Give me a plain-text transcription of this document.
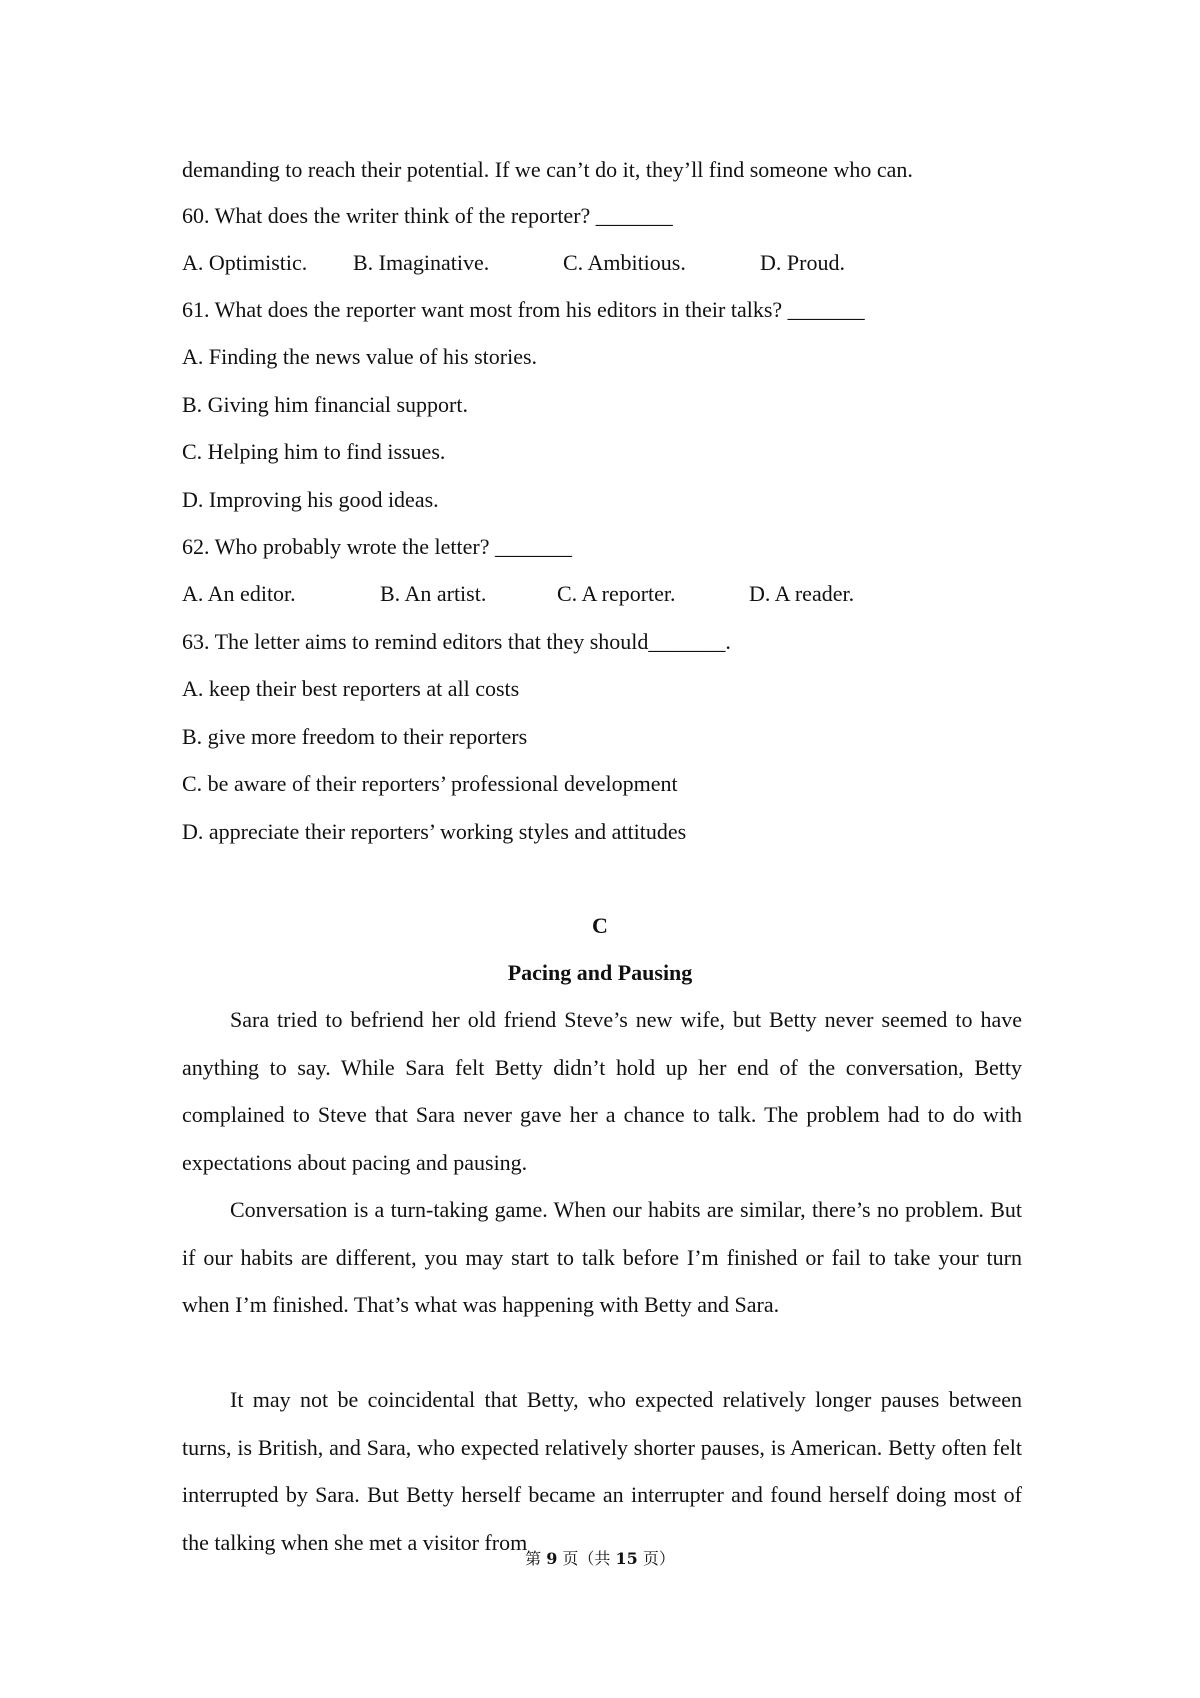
demanding to reach their potential. If we can’t do it, they’ll find someone who can.
60. What does the writer think of the reporter? _______
A. Optimistic.	B. Imaginative.	C. Ambitious.	D. Proud.
61. What does the reporter want most from his editors in their talks? _______
A. Finding the news value of his stories.
B. Giving him financial support.
C. Helping him to find issues.
D. Improving his good ideas.
62. Who probably wrote the letter? _______
A. An editor.	B. An artist.	C. A reporter.	D. A reader.
63. The letter aims to remind editors that they should_______.
A. keep their best reporters at all costs
B. give more freedom to their reporters
C. be aware of their reporters’ professional development
D. appreciate their reporters’ working styles and attitudes
C
Pacing and Pausing
Sara tried to befriend her old friend Steve’s new wife, but Betty never seemed to have anything to say. While Sara felt Betty didn’t hold up her end of the conversation, Betty complained to Steve that Sara never gave her a chance to talk. The problem had to do with expectations about pacing and pausing.
Conversation is a turn-taking game. When our habits are similar, there’s no problem. But if our habits are different, you may start to talk before I’m finished or fail to take your turn when I’m finished. That’s what was happening with Betty and Sara.
It may not be coincidental that Betty, who expected relatively longer pauses between turns, is British, and Sara, who expected relatively shorter pauses, is American. Betty often felt interrupted by Sara. But Betty herself became an interrupter and found herself doing most of the talking when she met a visitor from
第 9 页（共 15 页）
